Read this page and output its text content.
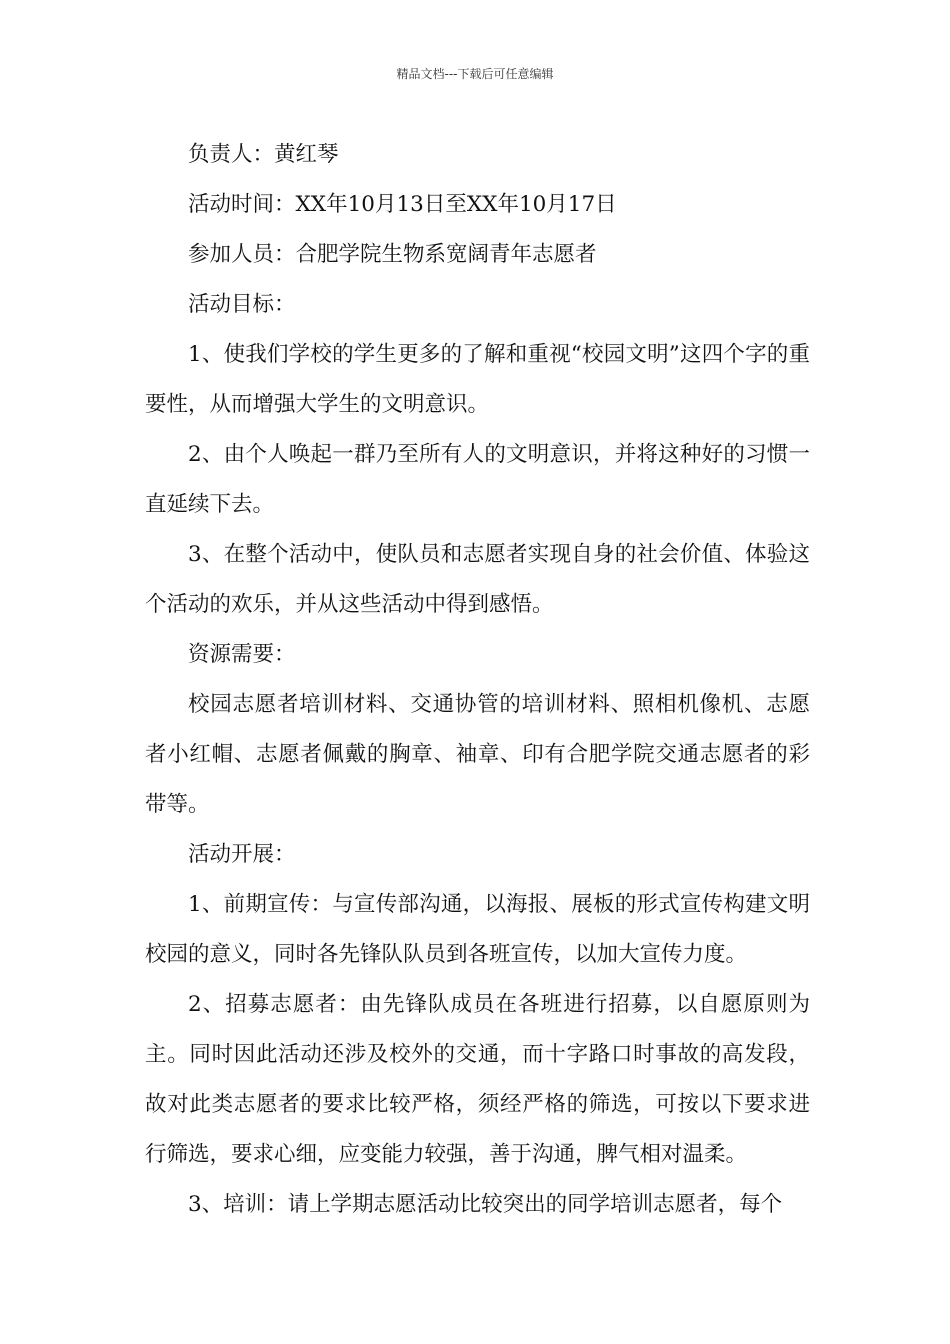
精品文档---下载后可任意编辑

负责人：黄红琴

活动时间：XX年10月13日至XX年10月17日

参加人员：合肥学院生物系宽阔青年志愿者

活动目标：

1、使我们学校的学生更多的了解和重视“校园文明”这四个字的重要性，从而增强大学生的文明意识。

2、由个人唤起一群乃至所有人的文明意识，并将这种好的习惯一直延续下去。

3、在整个活动中，使队员和志愿者实现自身的社会价值、体验这个活动的欢乐，并从这些活动中得到感悟。

资源需要：

校园志愿者培训材料、交通协管的培训材料、照相机像机、志愿者小红帽、志愿者佩戴的胸章、袖章、印有合肥学院交通志愿者的彩带等。

活动开展：

1、前期宣传：与宣传部沟通，以海报、展板的形式宣传构建文明校园的意义，同时各先锋队队员到各班宣传，以加大宣传力度。

2、招募志愿者：由先锋队成员在各班进行招募，以自愿原则为主。同时因此活动还涉及校外的交通，而十字路口时事故的高发段，故对此类志愿者的要求比较严格，须经严格的筛选，可按以下要求进行筛选，要求心细，应变能力较强，善于沟通，脾气相对温柔。

3、培训：请上学期志愿活动比较突出的同学培训志愿者，每个
